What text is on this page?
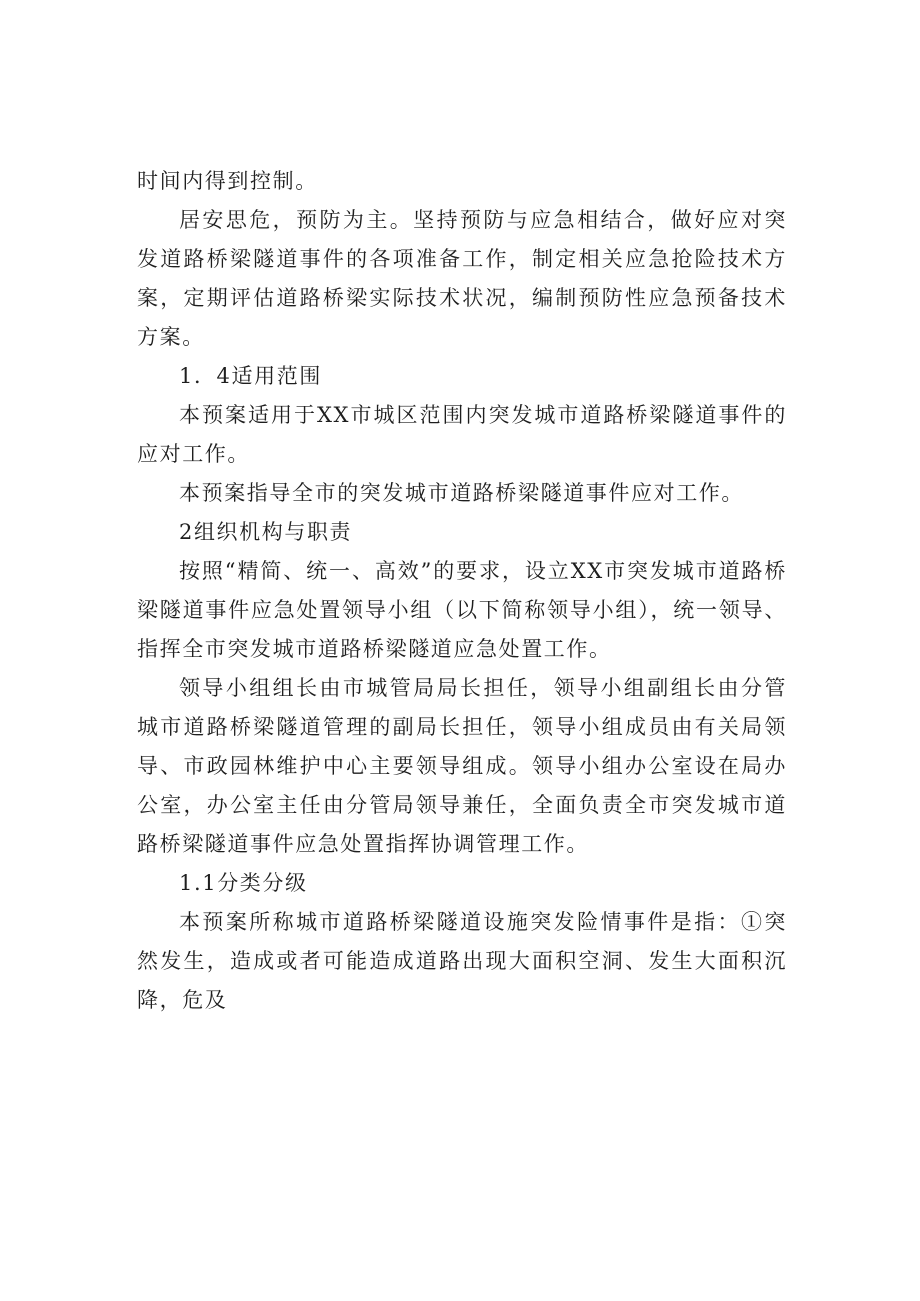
时间内得到控制。

居安思危，预防为主。坚持预防与应急相结合，做好应对突发道路桥梁隧道事件的各项准备工作，制定相关应急抢险技术方案，定期评估道路桥梁实际技术状况，编制预防性应急预备技术方案。

1．4适用范围

本预案适用于XX市城区范围内突发城市道路桥梁隧道事件的应对工作。

本预案指导全市的突发城市道路桥梁隧道事件应对工作。

2组织机构与职责

按照“精简、统一、高效”的要求，设立XX市突发城市道路桥梁隧道事件应急处置领导小组（以下简称领导小组），统一领导、指挥全市突发城市道路桥梁隧道应急处置工作。

领导小组组长由市城管局局长担任，领导小组副组长由分管城市道路桥梁隧道管理的副局长担任，领导小组成员由有关局领导、市政园林维护中心主要领导组成。领导小组办公室设在局办公室，办公室主任由分管局领导兼任，全面负责全市突发城市道路桥梁隧道事件应急处置指挥协调管理工作。

1.1分类分级

本预案所称城市道路桥梁隧道设施突发险情事件是指：①突然发生，造成或者可能造成道路出现大面积空洞、发生大面积沉降，危及
